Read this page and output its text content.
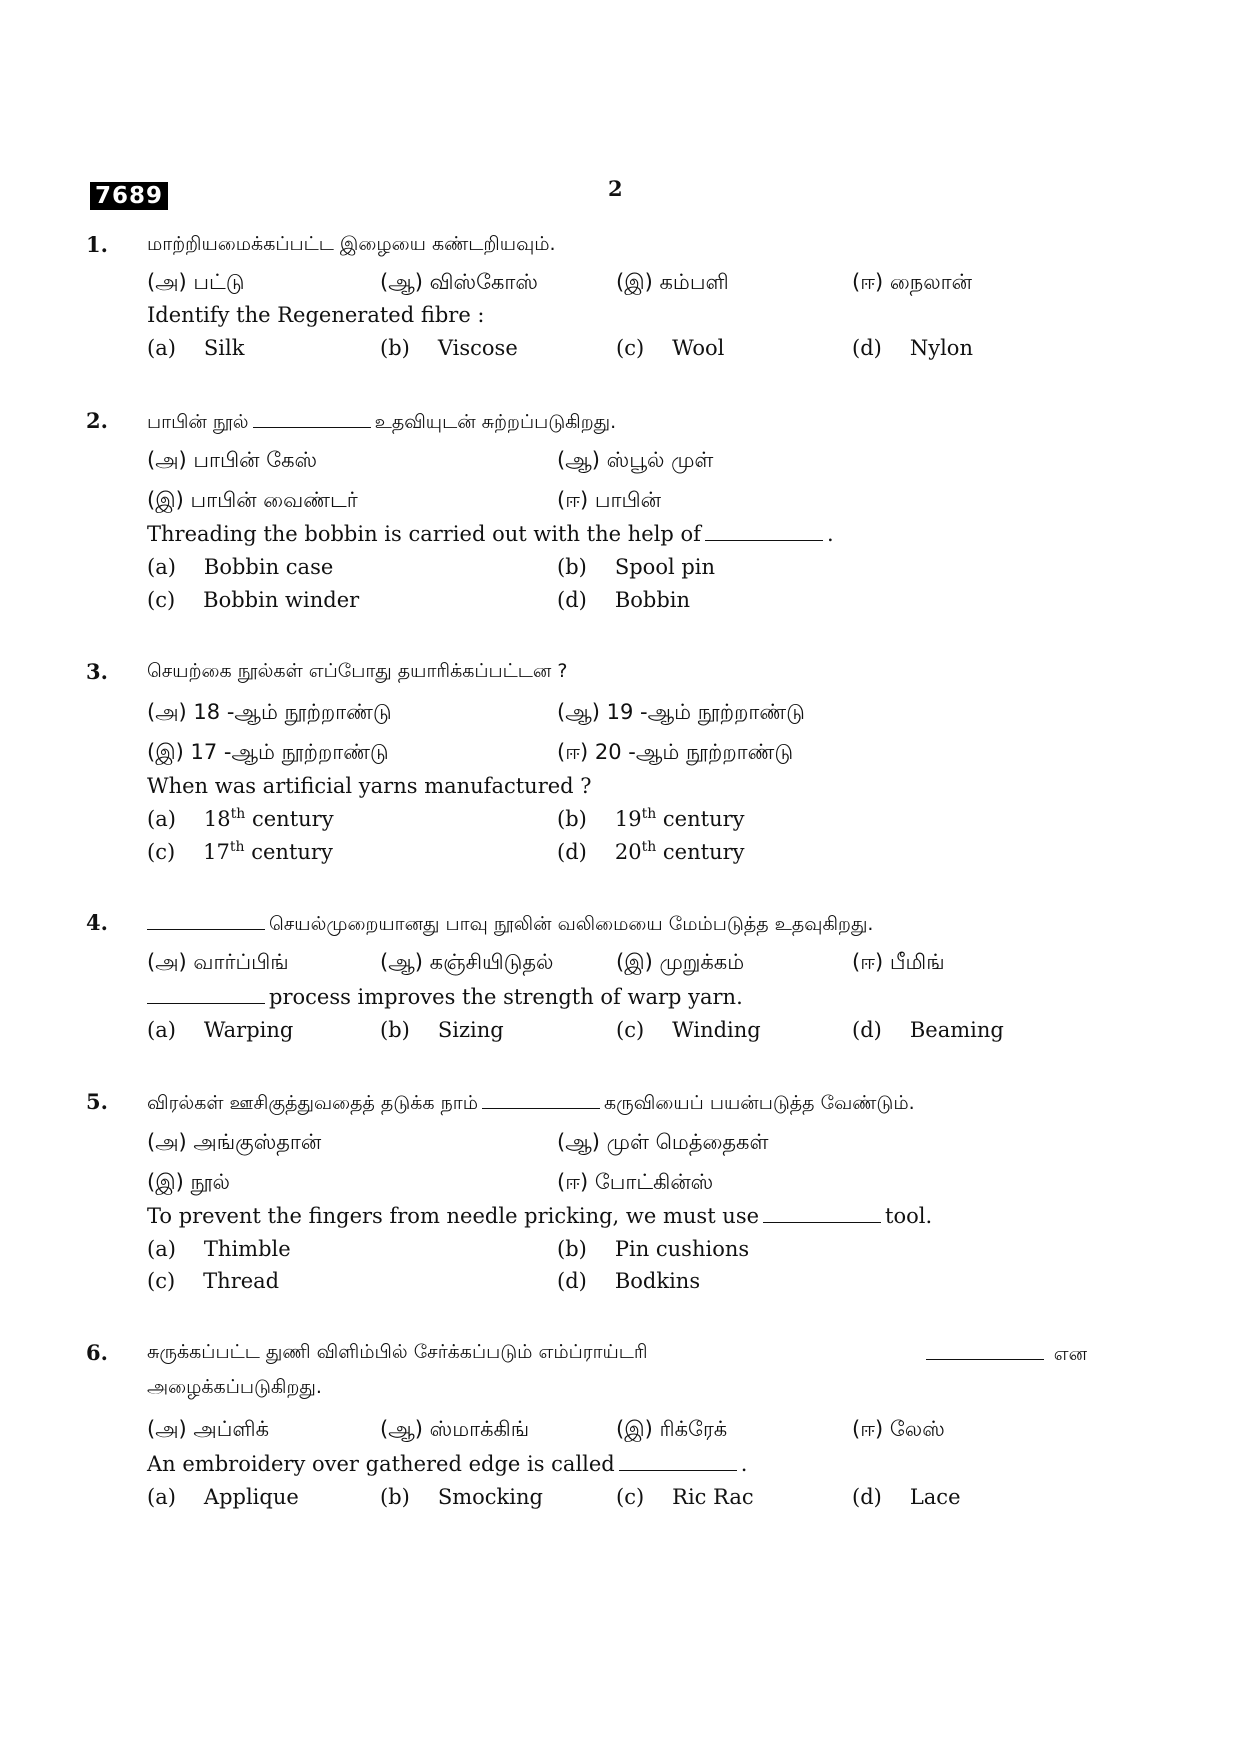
7689	2
1. மாற்றியமைக்கப்பட்ட இழையை கண்டறியவும்.
(அ) பட்டு	(ஆ) விஸ்கோஸ்	(இ) கம்பளி	(ஈ) நைலான்
Identify the Regenerated fibre :
(a) Silk	(b) Viscose	(c) Wool	(d) Nylon
2. பாபின் நூல்	உதவியுடன் சுற்றப்படுகிறது.
(அ) பாபின் கேஸ்	(ஆ) ஸ்பூல் முள்
(இ) பாபின் வைண்டர்	(ஈ) பாபின்
Threading the bobbin is carried out with the help of	.
(a) Bobbin case	(b) Spool pin
(c) Bobbin winder	(d) Bobbin
3. செயற்கை நூல்கள் எப்போது தயாரிக்கப்பட்டன ?
(அ) 18 -ஆம் நூற்றாண்டு	(ஆ) 19 -ஆம் நூற்றாண்டு
(இ) 17 -ஆம் நூற்றாண்டு	(ஈ) 20 -ஆம் நூற்றாண்டு
When was artificial yarns manufactured ?
(a) 18th century	(b) 19th century
(c) 17th century	(d) 20th century
4.	செயல்முறையானது பாவு நூலின் வலிமையை மேம்படுத்த உதவுகிறது.
(அ) வார்ப்பிங்	(ஆ) கஞ்சியிடுதல்	(இ) முறுக்கம்	(ஈ) பீமிங்
process improves the strength of warp yarn.
(a) Warping	(b) Sizing	(c) Winding	(d) Beaming
5. விரல்கள் ஊசிகுத்துவதைத் தடுக்க நாம்	கருவியைப் பயன்படுத்த வேண்டும்.
(அ) அங்குஸ்தான்	(ஆ) முள் மெத்தைகள்
(இ) நூல்	(ஈ) போட்கின்ஸ்
To prevent the fingers from needle pricking, we must use	tool.
(a) Thimble	(b) Pin cushions
(c) Thread	(d) Bodkins
6. சுருக்கப்பட்ட துணி விளிம்பில் சேர்க்கப்படும் எம்ப்ராய்டரி	என
அழைக்கப்படுகிறது.
(அ) அப்ளிக்	(ஆ) ஸ்மாக்கிங்	(இ) ரிக்ரேக்	(ஈ) லேஸ்
An embroidery over gathered edge is called	.
(a) Applique	(b) Smocking	(c) Ric Rac	(d) Lace
